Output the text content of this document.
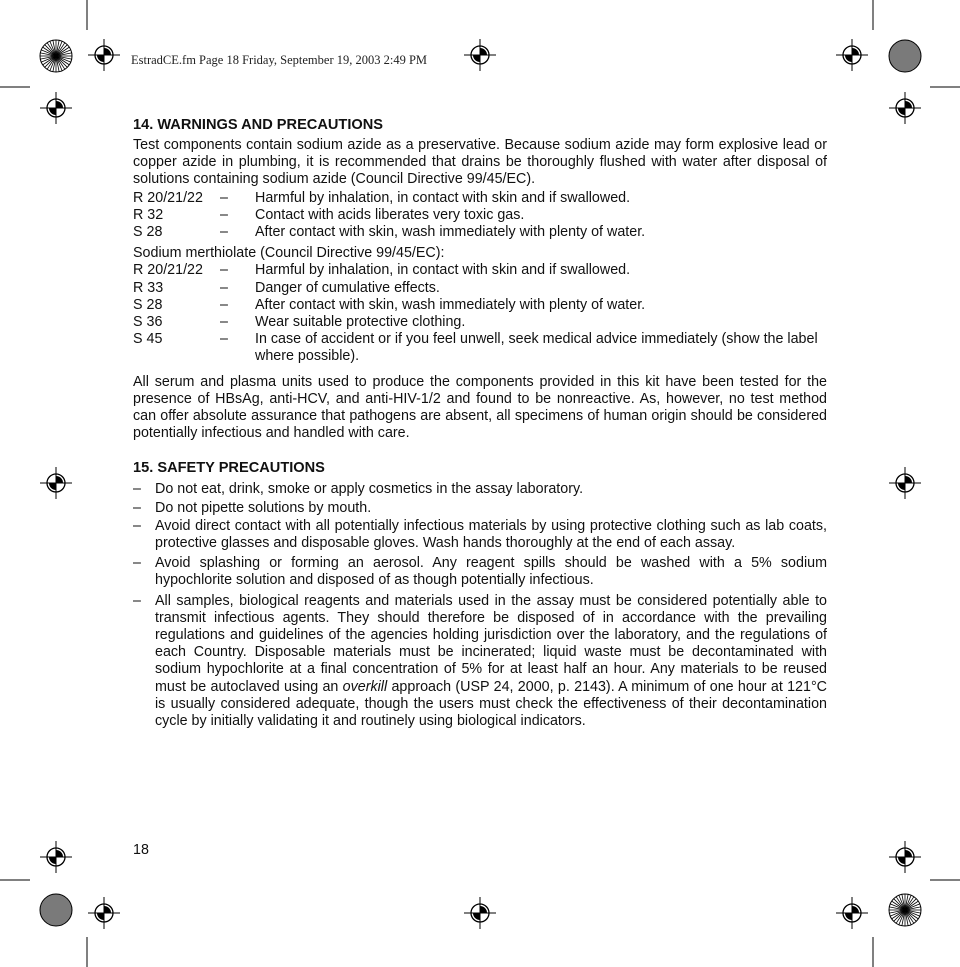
EstradCE.fm Page 18 Friday, September 19, 2003 2:49 PM
14. WARNINGS AND PRECAUTIONS
Test components contain sodium azide as a preservative. Because sodium azide may form explosive lead or copper azide in plumbing, it is recommended that drains be thoroughly flushed with water after disposal of solutions containing sodium azide (Council Directive 99/45/EC).
R 20/21/22	–	Harmful by inhalation, in contact with skin and if swallowed.
R 32	–	Contact with acids liberates very toxic gas.
S 28	–	After contact with skin, wash immediately with plenty of water.
Sodium merthiolate (Council Directive 99/45/EC):
R 20/21/22	–	Harmful by inhalation, in contact with skin and if swallowed.
R 33	–	Danger of cumulative effects.
S 28	–	After contact with skin, wash immediately with plenty of water.
S 36	–	Wear suitable protective clothing.
S 45	–	In case of accident or if you feel unwell, seek medical advice immediately (show the label where possible).
All serum and plasma units used to produce the components provided in this kit have been tested for the presence of HBsAg, anti-HCV, and anti-HIV-1/2 and found to be nonreactive. As, however, no test method can offer absolute assurance that pathogens are absent, all specimens of human origin should be considered potentially infectious and handled with care.
15. SAFETY PRECAUTIONS
– Do not eat, drink, smoke or apply cosmetics in the assay laboratory.
– Do not pipette solutions by mouth.
– Avoid direct contact with all potentially infectious materials by using protective clothing such as lab coats, protective glasses and disposable gloves. Wash hands thoroughly at the end of each assay.
– Avoid splashing or forming an aerosol. Any reagent spills should be washed with a 5% sodium hypochlorite solution and disposed of as though potentially infectious.
– All samples, biological reagents and materials used in the assay must be considered potentially able to transmit infectious agents. They should therefore be disposed of in accordance with the prevailing regulations and guidelines of the agencies holding jurisdiction over the laboratory, and the regulations of each Country. Disposable materials must be incinerated; liquid waste must be decontaminated with sodium hypochlorite at a final concentration of 5% for at least half an hour. Any materials to be reused must be autoclaved using an overkill approach (USP 24, 2000, p. 2143). A minimum of one hour at 121°C is usually considered adequate, though the users must check the effectiveness of their decontamination cycle by initially validating it and routinely using biological indicators.
18
